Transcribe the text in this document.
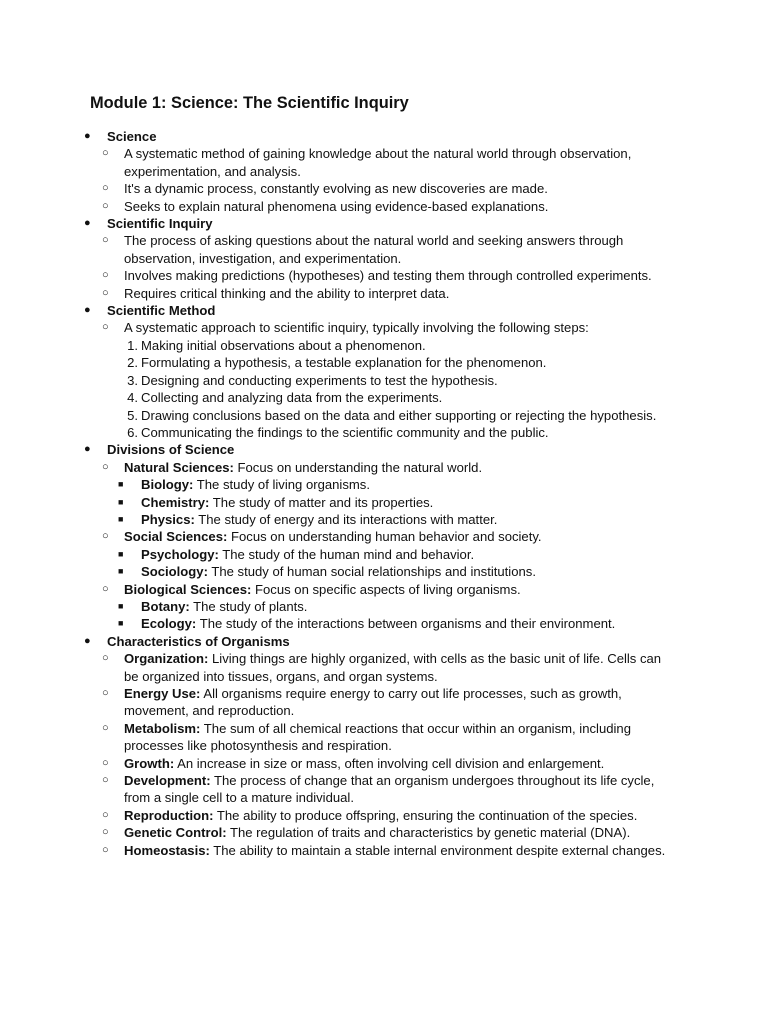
Module 1: Science: The Scientific Inquiry
● Science
○ A systematic method of gaining knowledge about the natural world through observation, experimentation, and analysis.
○ It's a dynamic process, constantly evolving as new discoveries are made.
○ Seeks to explain natural phenomena using evidence-based explanations.
● Scientific Inquiry
○ The process of asking questions about the natural world and seeking answers through observation, investigation, and experimentation.
○ Involves making predictions (hypotheses) and testing them through controlled experiments.
○ Requires critical thinking and the ability to interpret data.
● Scientific Method
○ A systematic approach to scientific inquiry, typically involving the following steps:
1. Making initial observations about a phenomenon.
2. Formulating a hypothesis, a testable explanation for the phenomenon.
3. Designing and conducting experiments to test the hypothesis.
4. Collecting and analyzing data from the experiments.
5. Drawing conclusions based on the data and either supporting or rejecting the hypothesis.
6. Communicating the findings to the scientific community and the public.
● Divisions of Science
○ Natural Sciences: Focus on understanding the natural world.
■ Biology: The study of living organisms.
■ Chemistry: The study of matter and its properties.
■ Physics: The study of energy and its interactions with matter.
○ Social Sciences: Focus on understanding human behavior and society.
■ Psychology: The study of the human mind and behavior.
■ Sociology: The study of human social relationships and institutions.
○ Biological Sciences: Focus on specific aspects of living organisms.
■ Botany: The study of plants.
■ Ecology: The study of the interactions between organisms and their environment.
● Characteristics of Organisms
○ Organization: Living things are highly organized, with cells as the basic unit of life. Cells can be organized into tissues, organs, and organ systems.
○ Energy Use: All organisms require energy to carry out life processes, such as growth, movement, and reproduction.
○ Metabolism: The sum of all chemical reactions that occur within an organism, including processes like photosynthesis and respiration.
○ Growth: An increase in size or mass, often involving cell division and enlargement.
○ Development: The process of change that an organism undergoes throughout its life cycle, from a single cell to a mature individual.
○ Reproduction: The ability to produce offspring, ensuring the continuation of the species.
○ Genetic Control: The regulation of traits and characteristics by genetic material (DNA).
○ Homeostasis: The ability to maintain a stable internal environment despite external changes.
